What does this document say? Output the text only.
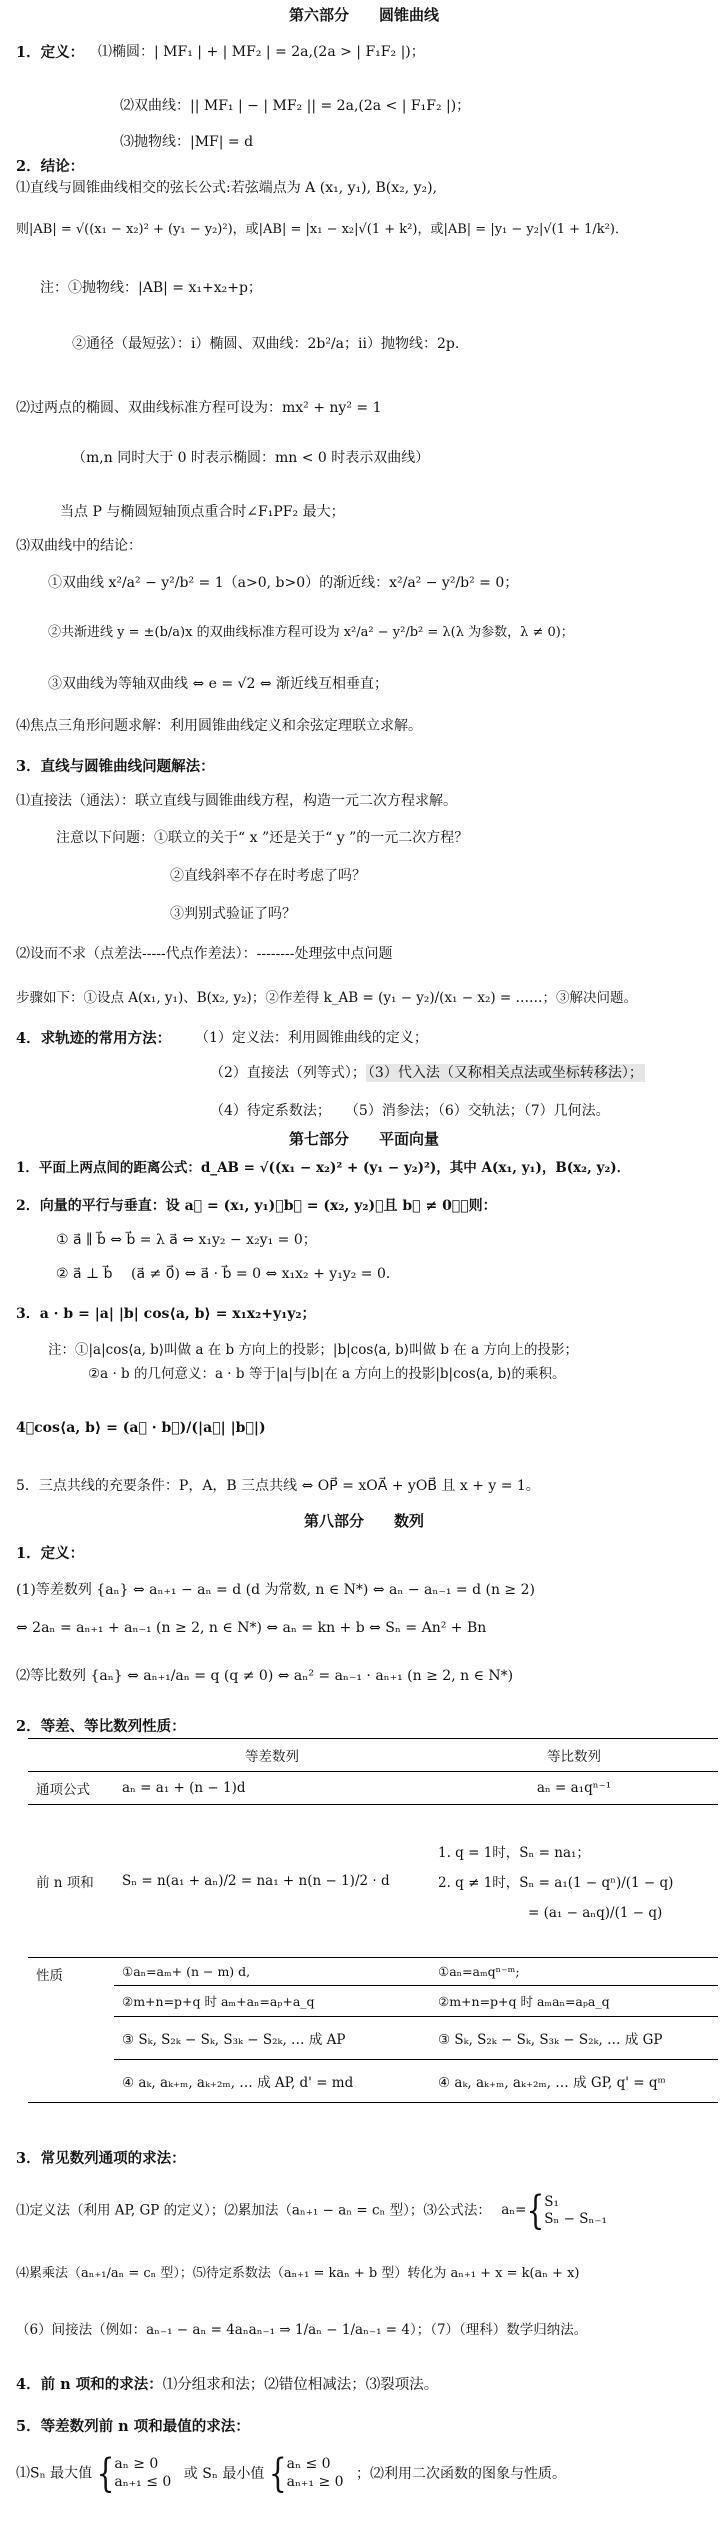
第六部分　　圆锥曲线
1．定义： ⑴椭圆：| MF₁ | + | MF₂ | = 2a,(2a > | F₁F₂ |)；
⑵双曲线：|| MF₁ | − | MF₂ || = 2a,(2a < | F₁F₂ |)；
⑶抛物线：|MF| = d
2．结论：
⑴直线与圆锥曲线相交的弦长公式:若弦端点为 A (x₁, y₁), B(x₂, y₂),
则|AB| = √((x₁ − x₂)² + (y₁ − y₂)²)，或|AB| = |x₁ − x₂|√(1 + k²)，或|AB| = |y₁ − y₂|√(1 + 1/k²)．
注：①抛物线：|AB| = x₁+x₂+p；
②通径（最短弦）：ⅰ）椭圆、双曲线：2b²/a；ⅱ）抛物线：2p.
⑵过两点的椭圆、双曲线标准方程可设为：mx² + ny² = 1
（m,n 同时大于 0 时表示椭圆：mn < 0 时表示双曲线）
当点 P 与椭圆短轴顶点重合时∠F₁PF₂ 最大；
⑶双曲线中的结论：
①双曲线 x²/a² − y²/b² = 1（a>0, b>0）的渐近线：x²/a² − y²/b² = 0；
②共渐进线 y = ±(b/a)x 的双曲线标准方程可设为 x²/a² − y²/b² = λ(λ 为参数，λ ≠ 0)；
③双曲线为等轴双曲线 ⇔ e = √2 ⇔ 渐近线互相垂直；
⑷焦点三角形问题求解：利用圆锥曲线定义和余弦定理联立求解。
3．直线与圆锥曲线问题解法：
⑴直接法（通法）：联立直线与圆锥曲线方程，构造一元二次方程求解。
注意以下问题：①联立的关于“ x ”还是关于“ y ”的一元二次方程？
②直线斜率不存在时考虑了吗？
③判别式验证了吗？
⑵设而不求（点差法-----代点作差法）：--------处理弦中点问题
步骤如下：①设点 A(x₁, y₁)、B(x₂, y₂)；②作差得 k_AB = (y₁ − y₂)/(x₁ − x₂) = ……；③解决问题。
4．求轨迹的常用方法： （1）定义法：利用圆锥曲线的定义；
（2）直接法（列等式）； （3）代入法（又称相关点法或坐标转移法）；
（4）待定系数法；　　（5）消参法；（6）交轨法；（7）几何法。
第七部分　　平面向量
1．平面上两点间的距离公式：d_AB = √((x₁ − x₂)² + (y₁ − y₂)²)，其中 A(x₁, y₁)，B(x₂, y₂)．
2．向量的平行与垂直：设 a⃗ = (x₁, y₁)，b⃗ = (x₂, y₂)，且 b⃗ ≠ 0⃗，则：
① a⃗ ∥ b⃗ ⇔ b⃗ = λ a⃗ ⇔ x₁y₂ − x₂y₁ = 0；
② a⃗ ⊥ b⃗ 　(a⃗ ≠ 0⃗) ⇔ a⃗ · b⃗ = 0 ⇔ x₁x₂ + y₁y₂ = 0．
3．a · b = |a| |b| cos⟨a, b⟩ = x₁x₂+y₁y₂；
注：①|a|cos⟨a, b⟩叫做 a 在 b 方向上的投影；|b|cos⟨a, b⟩叫做 b 在 a 方向上的投影；
②a · b 的几何意义：a · b 等于|a|与|b|在 a 方向上的投影|b|cos⟨a, b⟩的乘积。
4．cos⟨a, b⟩ = (a⃗ · b⃗)/(|a⃗| |b⃗|)
5．三点共线的充要条件：P，A，B 三点共线 ⇔ OP⃗ = xOA⃗ + yOB⃗ 且 x + y = 1。
第八部分　　数列
1．定义：
(1)等差数列 {aₙ} ⇔ aₙ₊₁ − aₙ = d (d 为常数, n ∈ N*) ⇔ aₙ − aₙ₋₁ = d (n ≥ 2)
⇔ 2aₙ = aₙ₊₁ + aₙ₋₁ (n ≥ 2, n ∈ N*) ⇔ aₙ = kn + b ⇔ Sₙ = An² + Bn
⑵等比数列 {aₙ} ⇔ aₙ₊₁/aₙ = q (q ≠ 0) ⇔ aₙ² = aₙ₋₁ · aₙ₊₁ (n ≥ 2, n ∈ N*)
2．等差、等比数列性质：
	等差数列	等比数列
通项公式	aₙ = a₁ + (n − 1)d	aₙ = a₁qⁿ⁻¹
前 n 项和	Sₙ = n(a₁ + aₙ)/2 = na₁ + n(n − 1)/2 · d	1. q = 1时，Sₙ = na₁；
2. q ≠ 1时，Sₙ = a₁(1 − qⁿ)/(1 − q)
= (a₁ − aₙq)/(1 − q)

性质	①aₙ=aₘ+ (n − m) d,	①aₙ=aₘqⁿ⁻ᵐ;
	②m+n=p+q 时 aₘ+aₙ=aₚ+a_q	②m+n=p+q 时 aₘaₙ=aₚa_q
	③ Sₖ, S₂ₖ − Sₖ, S₃ₖ − S₂ₖ, … 成 AP	③ Sₖ, S₂ₖ − Sₖ, S₃ₖ − S₂ₖ, … 成 GP
	④ aₖ, aₖ₊ₘ, aₖ₊₂ₘ, … 成 AP, d' = md	④ aₖ, aₖ₊ₘ, aₖ₊₂ₘ, … 成 GP, q' = qᵐ
3．常见数列通项的求法：
⑴定义法（利用 AP, GP 的定义）；⑵累加法（aₙ₊₁ − aₙ = cₙ 型）；⑶公式法： aₙ={ S₁
Sₙ − Sₙ₋₁
⑷累乘法（aₙ₊₁/aₙ = cₙ 型）；⑸待定系数法（aₙ₊₁ = kaₙ + b 型）转化为 aₙ₊₁ + x = k(aₙ + x)
（6）间接法（例如：aₙ₋₁ − aₙ = 4aₙaₙ₋₁ ⇒ 1/aₙ − 1/aₙ₋₁ = 4）；（7）（理科）数学归纳法。
4．前 n 项和的求法：⑴分组求和法；⑵错位相减法；⑶裂项法。
5．等差数列前 n 项和最值的求法：
⑴Sₙ 最大值 { aₙ ≥ 0
aₙ₊₁ ≤ 0 或 Sₙ 最小值 { aₙ ≤ 0
aₙ₊₁ ≥ 0 ；⑵利用二次函数的图象与性质。
